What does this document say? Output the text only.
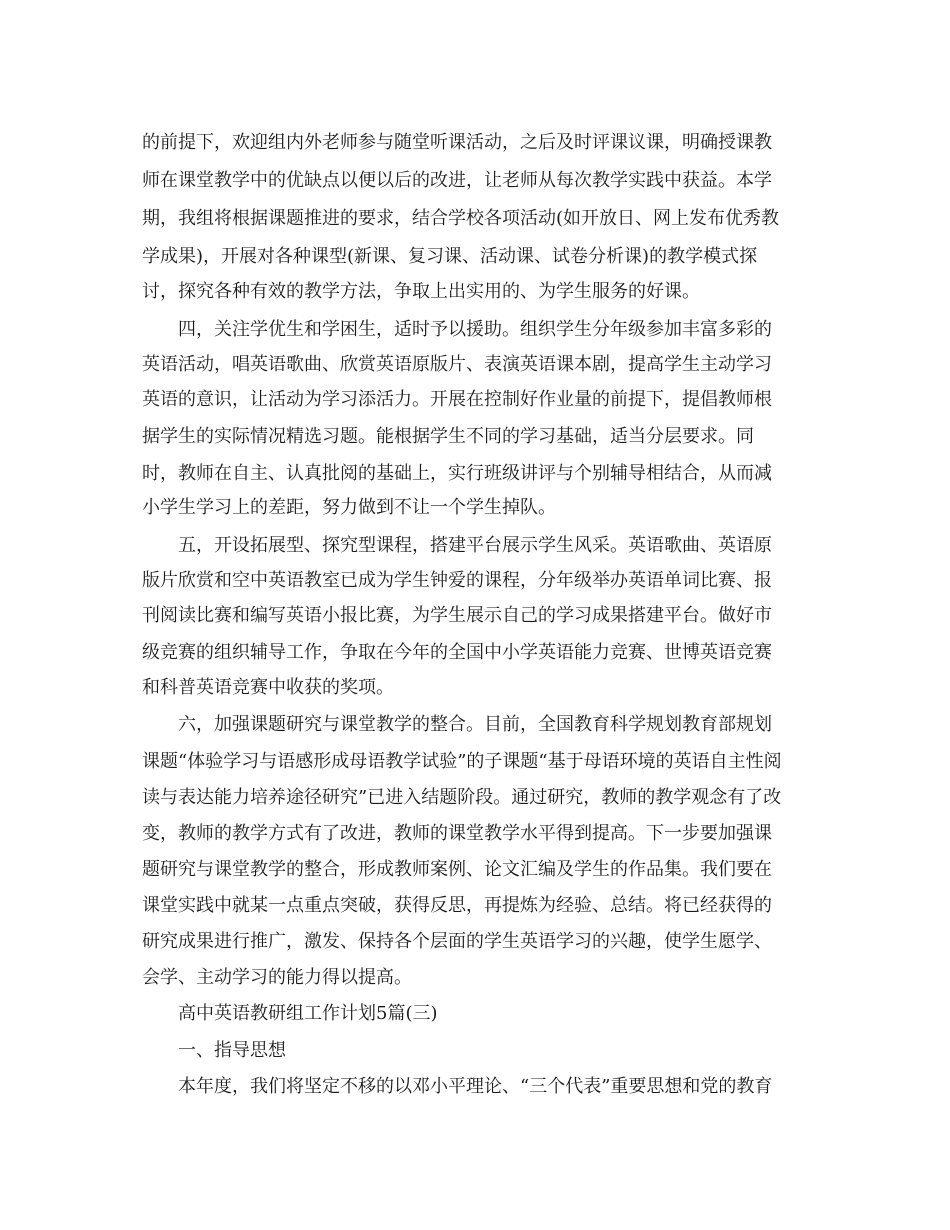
的前提下，欢迎组内外老师参与随堂听课活动，之后及时评课议课，明确授课教
师在课堂教学中的优缺点以便以后的改进，让老师从每次教学实践中获益。本学
期，我组将根据课题推进的要求，结合学校各项活动(如开放日、网上发布优秀教
学成果)，开展对各种课型(新课、复习课、活动课、试卷分析课)的教学模式探
讨，探究各种有效的教学方法，争取上出实用的、为学生服务的好课。
四，关注学优生和学困生，适时予以援助。组织学生分年级参加丰富多彩的
英语活动，唱英语歌曲、欣赏英语原版片、表演英语课本剧，提高学生主动学习
英语的意识，让活动为学习添活力。开展在控制好作业量的前提下，提倡教师根
据学生的实际情况精选习题。能根据学生不同的学习基础，适当分层要求。同
时，教师在自主、认真批阅的基础上，实行班级讲评与个别辅导相结合，从而减
小学生学习上的差距，努力做到不让一个学生掉队。
五，开设拓展型、探究型课程，搭建平台展示学生风采。英语歌曲、英语原
版片欣赏和空中英语教室已成为学生钟爱的课程，分年级举办英语单词比赛、报
刊阅读比赛和编写英语小报比赛，为学生展示自己的学习成果搭建平台。做好市
级竞赛的组织辅导工作，争取在今年的全国中小学英语能力竞赛、世博英语竞赛
和科普英语竞赛中收获的奖项。
六，加强课题研究与课堂教学的整合。目前，全国教育科学规划教育部规划
课题“体验学习与语感形成母语教学试验”的子课题“基于母语环境的英语自主性阅
读与表达能力培养途径研究”已进入结题阶段。通过研究，教师的教学观念有了改
变，教师的教学方式有了改进，教师的课堂教学水平得到提高。下一步要加强课
题研究与课堂教学的整合，形成教师案例、论文汇编及学生的作品集。我们要在
课堂实践中就某一点重点突破，获得反思，再提炼为经验、总结。将已经获得的
研究成果进行推广，激发、保持各个层面的学生英语学习的兴趣，使学生愿学、
会学、主动学习的能力得以提高。
高中英语教研组工作计划5篇(三)
一、指导思想
本年度，我们将坚定不移的以邓小平理论、“三个代表”重要思想和党的教育
